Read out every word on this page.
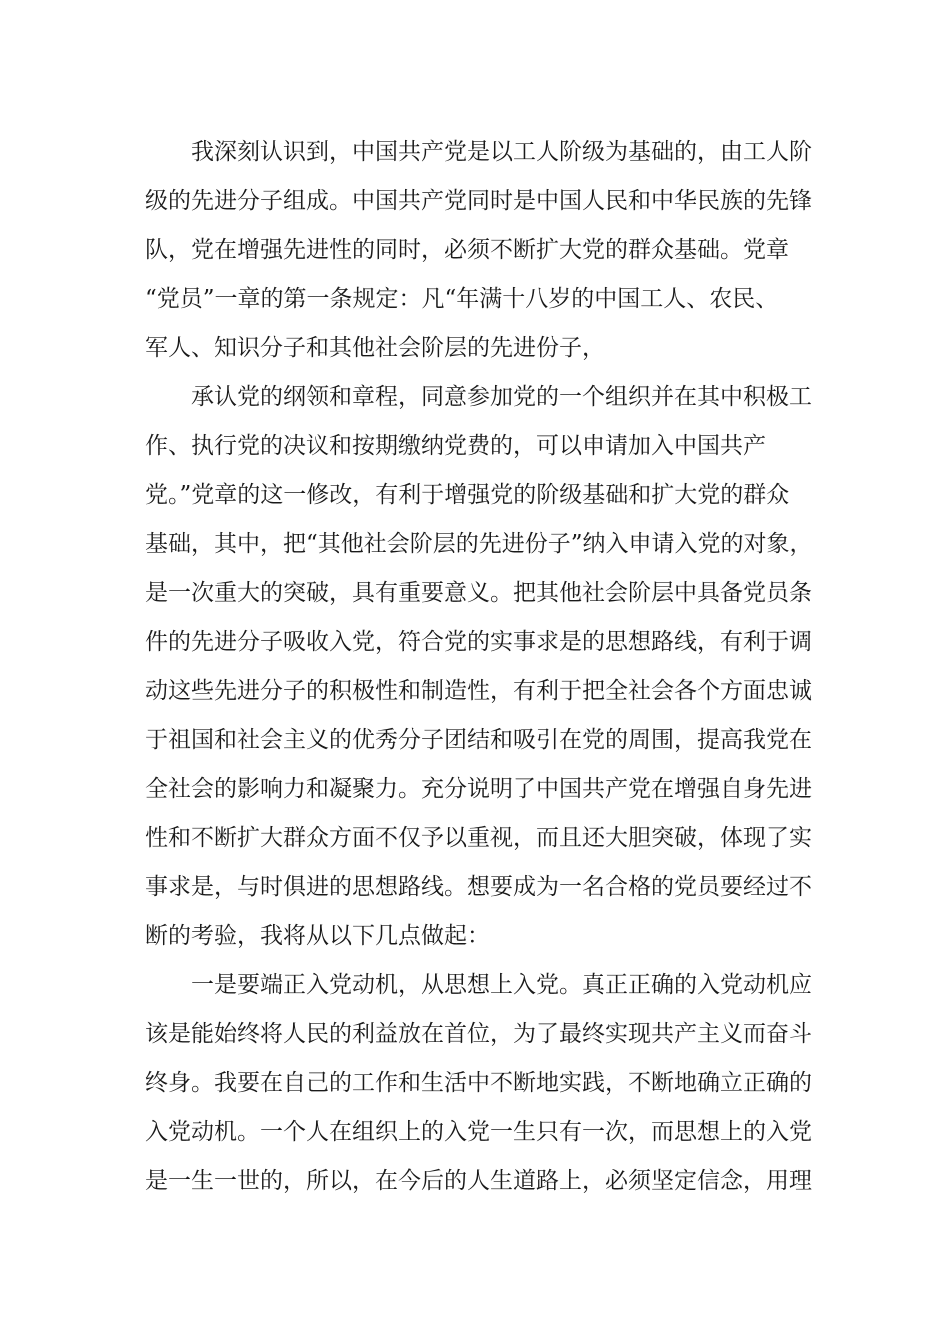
我深刻认识到，中国共产党是以工人阶级为基础的，由工人阶
级的先进分子组成。中国共产党同时是中国人民和中华民族的先锋
队，党在增强先进性的同时，必须不断扩大党的群众基础。党章
“党员”一章的第一条规定：凡“年满十八岁的中国工人、农民、
军人、知识分子和其他社会阶层的先进份子，
承认党的纲领和章程，同意参加党的一个组织并在其中积极工
作、执行党的决议和按期缴纳党费的，可以申请加入中国共产
党。”党章的这一修改，有利于增强党的阶级基础和扩大党的群众
基础，其中，把“其他社会阶层的先进份子”纳入申请入党的对象，
是一次重大的突破，具有重要意义。把其他社会阶层中具备党员条
件的先进分子吸收入党，符合党的实事求是的思想路线，有利于调
动这些先进分子的积极性和制造性，有利于把全社会各个方面忠诚
于祖国和社会主义的优秀分子团结和吸引在党的周围，提高我党在
全社会的影响力和凝聚力。充分说明了中国共产党在增强自身先进
性和不断扩大群众方面不仅予以重视，而且还大胆突破，体现了实
事求是，与时俱进的思想路线。想要成为一名合格的党员要经过不
断的考验，我将从以下几点做起：
一是要端正入党动机，从思想上入党。真正正确的入党动机应
该是能始终将人民的利益放在首位，为了最终实现共产主义而奋斗
终身。我要在自己的工作和生活中不断地实践，不断地确立正确的
入党动机。一个人在组织上的入党一生只有一次，而思想上的入党
是一生一世的，所以，在今后的人生道路上，必须坚定信念，用理
